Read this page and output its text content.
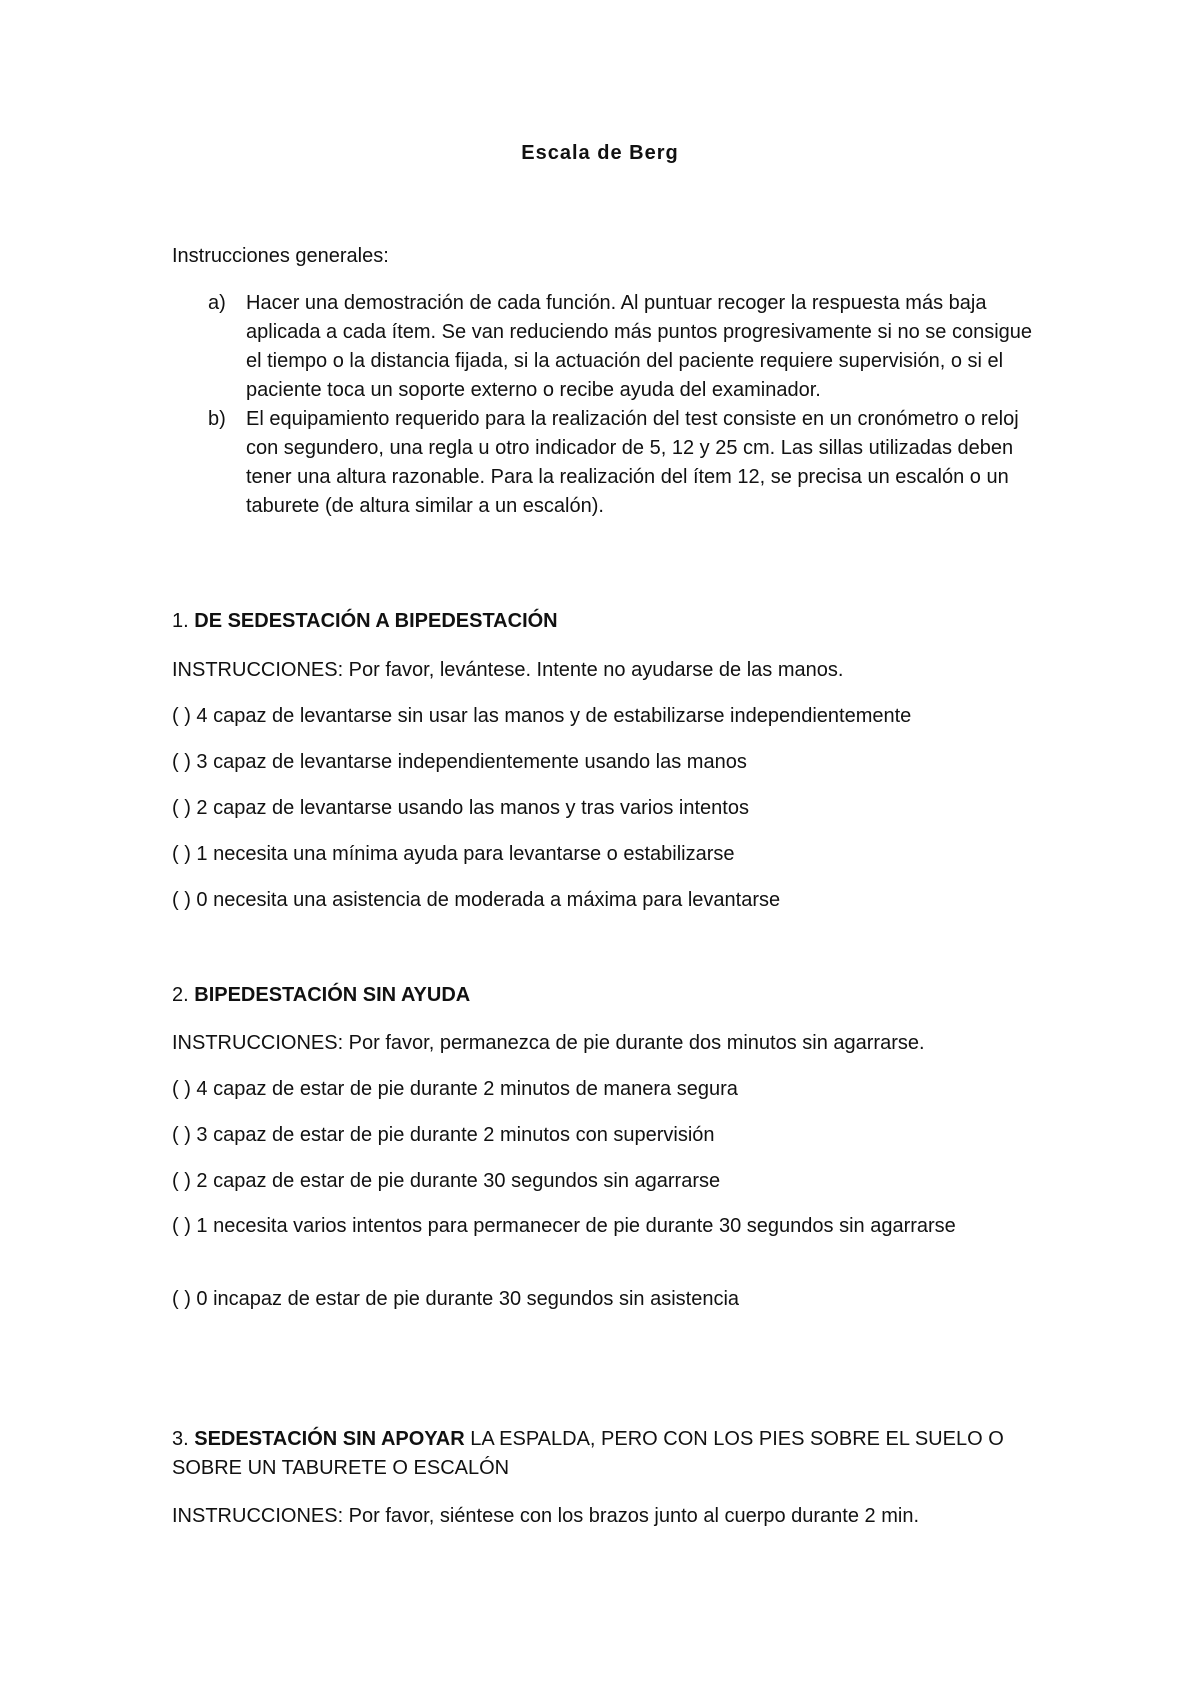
Escala de Berg
Instrucciones generales:
a) Hacer una demostración de cada función. Al puntuar recoger la respuesta más baja aplicada a cada ítem. Se van reduciendo más puntos progresivamente si no se consigue el tiempo o la distancia fijada, si la actuación del paciente requiere supervisión, o si el paciente toca un soporte externo o recibe ayuda del examinador.
b) El equipamiento requerido para la realización del test consiste en un cronómetro o reloj con segundero, una regla u otro indicador de 5, 12 y 25 cm. Las sillas utilizadas deben tener una altura razonable. Para la realización del ítem 12, se precisa un escalón o un taburete (de altura similar a un escalón).
1. DE SEDESTACIÓN A BIPEDESTACIÓN
INSTRUCCIONES: Por favor, levántese. Intente no ayudarse de las manos.
( ) 4 capaz de levantarse sin usar las manos y de estabilizarse independientemente
( ) 3 capaz de levantarse independientemente usando las manos
( ) 2 capaz de levantarse usando las manos y tras varios intentos
( ) 1 necesita una mínima ayuda para levantarse o estabilizarse
( ) 0 necesita una asistencia de moderada a máxima para levantarse
2. BIPEDESTACIÓN SIN AYUDA
INSTRUCCIONES: Por favor, permanezca de pie durante dos minutos sin agarrarse.
( ) 4 capaz de estar de pie durante 2 minutos de manera segura
( ) 3 capaz de estar de pie durante 2 minutos con supervisión
( ) 2 capaz de estar de pie durante 30 segundos sin agarrarse
( ) 1 necesita varios intentos para permanecer de pie durante 30 segundos sin agarrarse
( ) 0 incapaz de estar de pie durante 30 segundos sin asistencia
3. SEDESTACIÓN SIN APOYAR LA ESPALDA, PERO CON LOS PIES SOBRE EL SUELO O SOBRE UN TABURETE O ESCALÓN
INSTRUCCIONES: Por favor, siéntese con los brazos junto al cuerpo durante 2 min.
